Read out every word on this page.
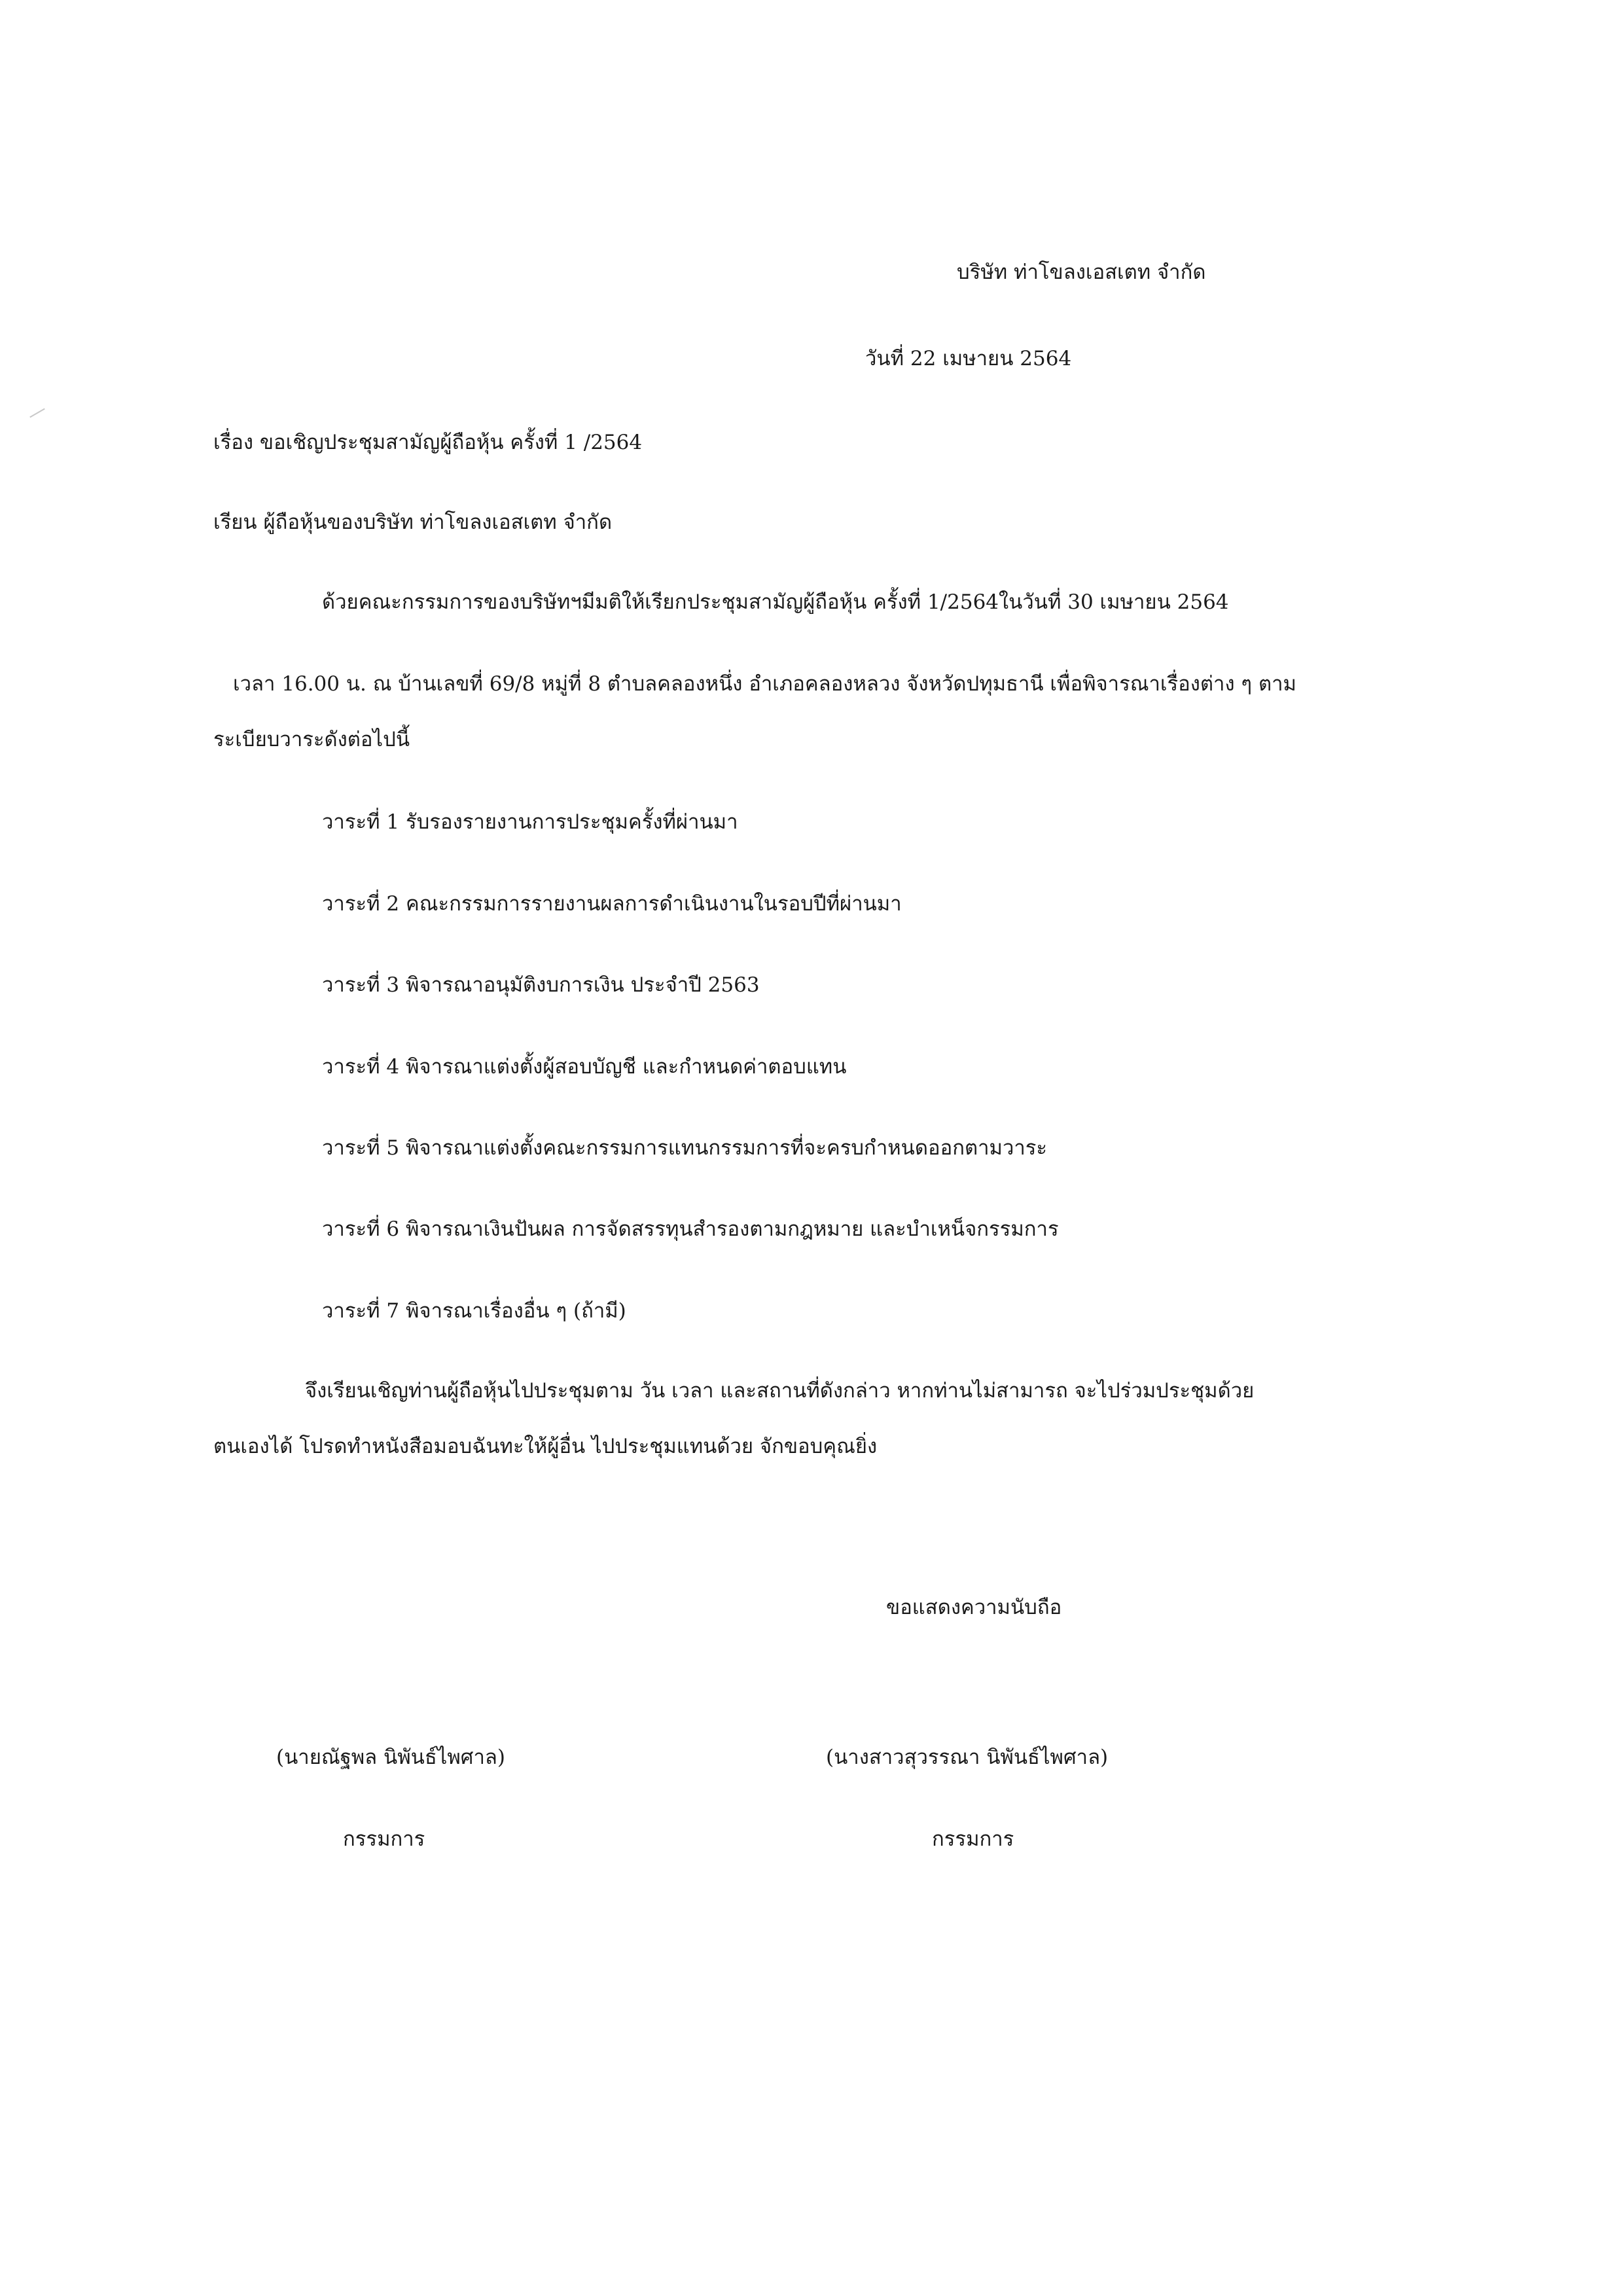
บริษัท ท่าโขลงเอสเตท จำกัด
วันที่ 22 เมษายน 2564
เรื่อง ขอเชิญประชุมสามัญผู้ถือหุ้น ครั้งที่ 1 /2564
เรียน ผู้ถือหุ้นของบริษัท ท่าโขลงเอสเตท จำกัด
ด้วยคณะกรรมการของบริษัทฯมีมติให้เรียกประชุมสามัญผู้ถือหุ้น ครั้งที่ 1/2564ในวันที่ 30 เมษายน 2564
เวลา 16.00 น. ณ บ้านเลขที่ 69/8 หมู่ที่ 8 ตำบลคลองหนึ่ง อำเภอคลองหลวง จังหวัดปทุมธานี เพื่อพิจารณาเรื่องต่าง ๆ ตาม
ระเบียบวาระดังต่อไปนี้
วาระที่ 1 รับรองรายงานการประชุมครั้งที่ผ่านมา
วาระที่ 2 คณะกรรมการรายงานผลการดำเนินงานในรอบปีที่ผ่านมา
วาระที่ 3 พิจารณาอนุมัติงบการเงิน ประจำปี 2563
วาระที่ 4 พิจารณาแต่งตั้งผู้สอบบัญชี และกำหนดค่าตอบแทน
วาระที่ 5 พิจารณาแต่งตั้งคณะกรรมการแทนกรรมการที่จะครบกำหนดออกตามวาระ
วาระที่ 6 พิจารณาเงินปันผล การจัดสรรทุนสำรองตามกฎหมาย และบำเหน็จกรรมการ
วาระที่ 7 พิจารณาเรื่องอื่น ๆ (ถ้ามี)
จึงเรียนเชิญท่านผู้ถือหุ้นไปประชุมตาม วัน เวลา และสถานที่ดังกล่าว หากท่านไม่สามารถ จะไปร่วมประชุมด้วย
ตนเองได้ โปรดทำหนังสือมอบฉันทะให้ผู้อื่น ไปประชุมแทนด้วย จักขอบคุณยิ่ง
ขอแสดงความนับถือ
(นายณัฐพล นิพันธ์ไพศาล)	(นางสาวสุวรรณา นิพันธ์ไพศาล)
กรรมการ	กรรมการ
